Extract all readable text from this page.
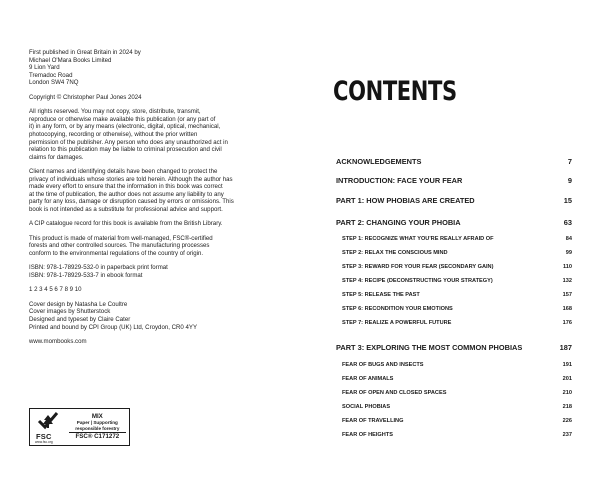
First published in Great Britain in 2024 by

Michael O'Mara Books Limited

9 Lion Yard

Tremadoc Road

London SW4 7NQ

Copyright © Christopher Paul Jones 2024

All rights reserved. You may not copy, store, distribute, transmit,

reproduce or otherwise make available this publication (or any part of

it) in any form, or by any means (electronic, digital, optical, mechanical,

photocopying, recording or otherwise), without the prior written

permission of the publisher. Any person who does any unauthorized act in

relation to this publication may be liable to criminal prosecution and civil

claims for damages.

Client names and identifying details have been changed to protect the

privacy of individuals whose stories are told herein. Although the author has

made every effort to ensure that the information in this book was correct

at the time of publication, the author does not assume any liability to any

party for any loss, damage or disruption caused by errors or omissions. This

book is not intended as a substitute for professional advice and support.

A CIP catalogue record for this book is available from the British Library.

This product is made of material from well-managed, FSC®-certified

forests and other controlled sources. The manufacturing processes

conform to the environmental regulations of the country of origin.

ISBN: 978-1-78929-532-0 in paperback print format

ISBN: 978-1-78929-533-7 in ebook format

1 2 3 4 5 6 7 8 9 10

Cover design by Natasha Le Coultre

Cover images by Shutterstock

Designed and typeset by Claire Cater

Printed and bound by CPI Group (UK) Ltd, Croydon, CR0 4YY

www.mombooks.com

FSC
www.fsc.org
MIX
Paper | Supporting
responsible forestry
FSC® C171272
CONTENTS
ACKNOWLEDGEMENTS	7
INTRODUCTION: FACE YOUR FEAR	9
PART 1: HOW PHOBIAS ARE CREATED	15
PART 2: CHANGING YOUR PHOBIA	63
STEP 1: RECOGNIZE WHAT YOU'RE REALLY AFRAID OF	84
STEP 2: RELAX THE CONSCIOUS MIND	99
STEP 3: REWARD FOR YOUR FEAR (SECONDARY GAIN)	110
STEP 4: RECIPE (DECONSTRUCTING YOUR STRATEGY)	132
STEP 5: RELEASE THE PAST	157
STEP 6: RECONDITION YOUR EMOTIONS	168
STEP 7: REALIZE A POWERFUL FUTURE	176
PART 3: EXPLORING THE MOST COMMON PHOBIAS	187
FEAR OF BUGS AND INSECTS	191
FEAR OF ANIMALS	201
FEAR OF OPEN AND CLOSED SPACES	210
SOCIAL PHOBIAS	218
FEAR OF TRAVELLING	226
FEAR OF HEIGHTS	237
